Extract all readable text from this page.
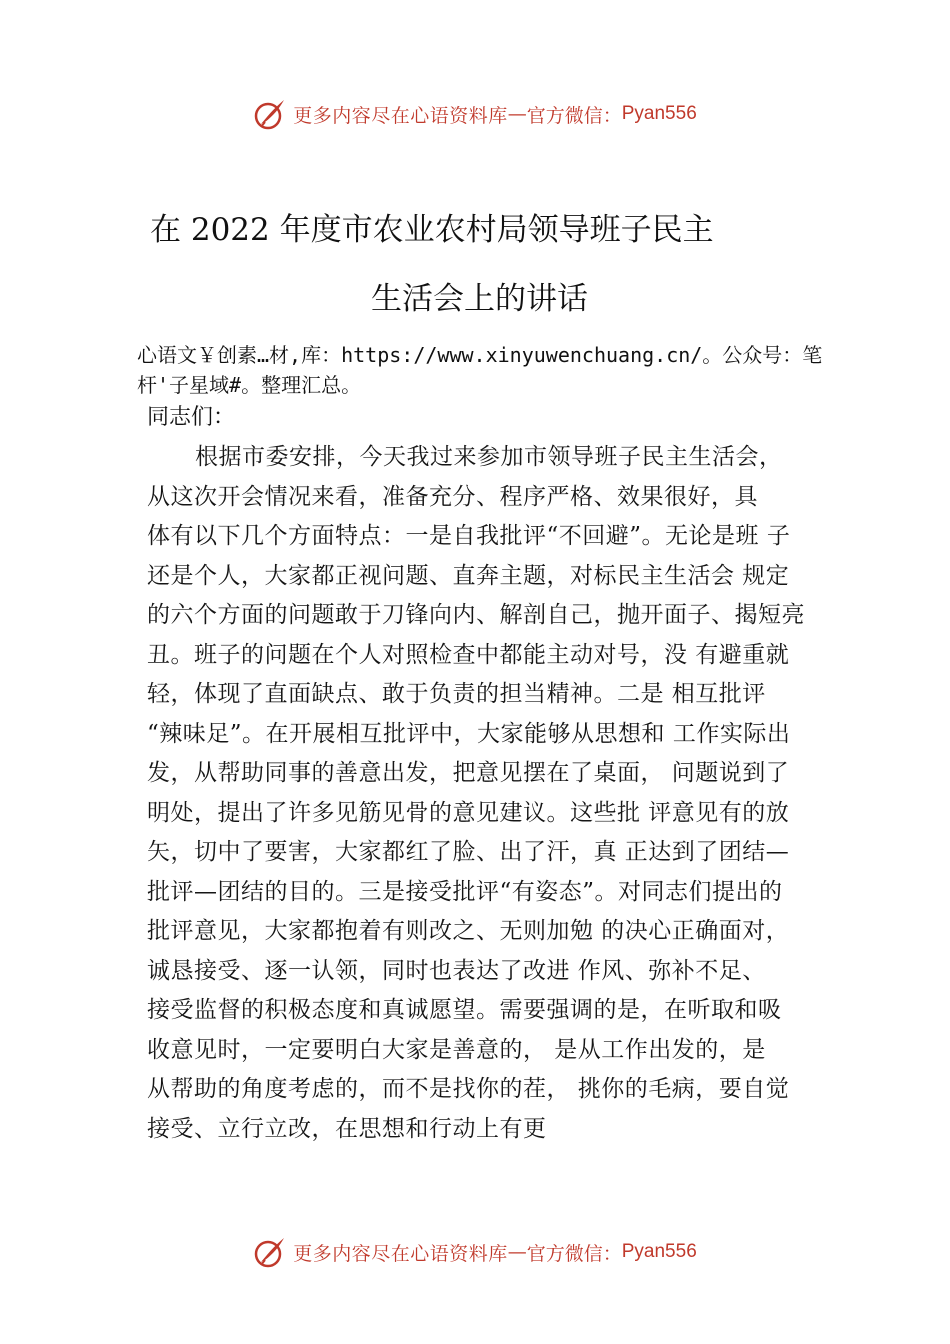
更多内容尽在心语资料库 — 官方微信： Pyan556
在 2022 年度市农业农村局领导班子民主
生活会上的讲话
心语文￥创素…材,库：https://www.xinyuwenchuang.cn/。公众号：笔杆'子星域#。整理汇总。
同志们：
根据市委安排，今天我过来参加市领导班子民主生活会，
从这次开会情况来看，准备充分、程序严格、效果很好，具
体有以下几个方面特点：一是自我批评“不回避”。无论是班 子
还是个人，大家都正视问题、直奔主题，对标民主生活会 规定
的六个方面的问题敢于刀锋向内、解剖自己，抛开面子、揭短亮
丑。班子的问题在个人对照检查中都能主动对号，没 有避重就
轻，体现了直面缺点、敢于负责的担当精神。二是 相互批评
“辣味足”。在开展相互批评中，大家能够从思想和 工作实际出
发，从帮助同事的善意出发，把意见摆在了桌面， 问题说到了
明处，提出了许多见筋见骨的意见建议。这些批 评意见有的放
矢，切中了要害，大家都红了脸、出了汗，真 正达到了团结—
批评—团结的目的。三是接受批评“有姿态”。对同志们提出的
批评意见，大家都抱着有则改之、无则加勉 的决心正确面对，
诚恳接受、逐一认领，同时也表达了改进 作风、弥补不足、
接受监督的积极态度和真诚愿望。需要强调的是，在听取和吸
收意见时，一定要明白大家是善意的， 是从工作出发的，是
从帮助的角度考虑的，而不是找你的茬， 挑你的毛病，要自觉
接受、立行立改，在思想和行动上有更
更多内容尽在心语资料库 — 官方微信： Pyan556
